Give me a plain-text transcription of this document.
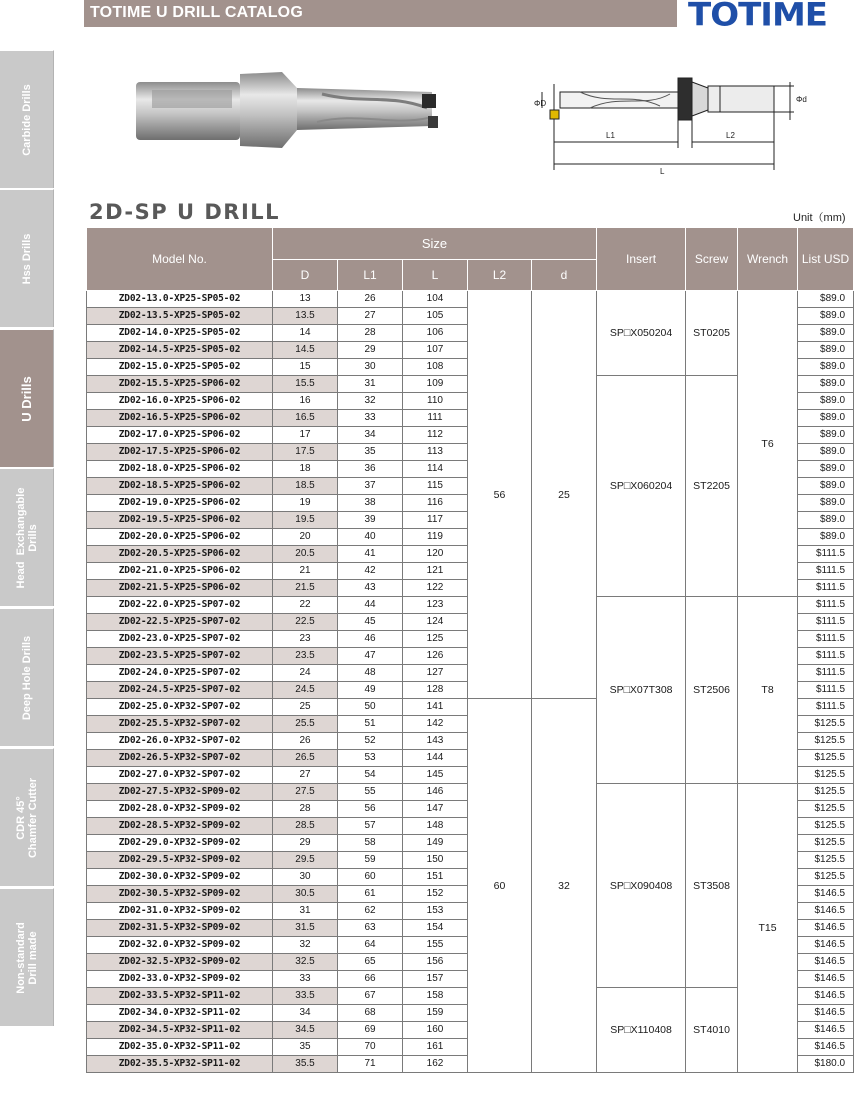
TOTIME U DRILL CATALOG	TOTIME
Carbide Drills
Hss Drills
U Drills
Head  Exchangable
Drills
Deep Hole Drills
CDR 45°
Chamfer Cutter
Non-standard
Drill made
ΦD
L1	L2
L
Φd
2D-SP U DRILL	Unit（mm)
Model No.	Size					Insert	Screw	Wrench	List USD
	D	L1	L	L2	d				
ZD02-13.0-XP25-SP05-02	13	26	104	56	25	SP□X050204	ST0205	T6	$89.0
ZD02-13.5-XP25-SP05-02	13.5	27	105						$89.0
ZD02-14.0-XP25-SP05-02	14	28	106						$89.0
ZD02-14.5-XP25-SP05-02	14.5	29	107						$89.0
ZD02-15.0-XP25-SP05-02	15	30	108						$89.0
ZD02-15.5-XP25-SP06-02	15.5	31	109			SP□X060204	ST2205		$89.0
ZD02-16.0-XP25-SP06-02	16	32	110						$89.0
ZD02-16.5-XP25-SP06-02	16.5	33	111						$89.0
ZD02-17.0-XP25-SP06-02	17	34	112						$89.0
ZD02-17.5-XP25-SP06-02	17.5	35	113						$89.0
ZD02-18.0-XP25-SP06-02	18	36	114						$89.0
ZD02-18.5-XP25-SP06-02	18.5	37	115						$89.0
ZD02-19.0-XP25-SP06-02	19	38	116						$89.0
ZD02-19.5-XP25-SP06-02	19.5	39	117						$89.0
ZD02-20.0-XP25-SP06-02	20	40	119						$89.0
ZD02-20.5-XP25-SP06-02	20.5	41	120						$111.5
ZD02-21.0-XP25-SP06-02	21	42	121						$111.5
ZD02-21.5-XP25-SP06-02	21.5	43	122						$111.5
ZD02-22.0-XP25-SP07-02	22	44	123			SP□X07T308	ST2506	T8	$111.5
ZD02-22.5-XP25-SP07-02	22.5	45	124						$111.5
ZD02-23.0-XP25-SP07-02	23	46	125						$111.5
ZD02-23.5-XP25-SP07-02	23.5	47	126						$111.5
ZD02-24.0-XP25-SP07-02	24	48	127						$111.5
ZD02-24.5-XP25-SP07-02	24.5	49	128						$111.5
ZD02-25.0-XP32-SP07-02	25	50	141	60	32				$111.5
ZD02-25.5-XP32-SP07-02	25.5	51	142						$125.5
ZD02-26.0-XP32-SP07-02	26	52	143						$125.5
ZD02-26.5-XP32-SP07-02	26.5	53	144						$125.5
ZD02-27.0-XP32-SP07-02	27	54	145						$125.5
ZD02-27.5-XP32-SP09-02	27.5	55	146			SP□X090408	ST3508	T15	$125.5
ZD02-28.0-XP32-SP09-02	28	56	147						$125.5
ZD02-28.5-XP32-SP09-02	28.5	57	148						$125.5
ZD02-29.0-XP32-SP09-02	29	58	149						$125.5
ZD02-29.5-XP32-SP09-02	29.5	59	150						$125.5
ZD02-30.0-XP32-SP09-02	30	60	151						$125.5
ZD02-30.5-XP32-SP09-02	30.5	61	152						$146.5
ZD02-31.0-XP32-SP09-02	31	62	153						$146.5
ZD02-31.5-XP32-SP09-02	31.5	63	154						$146.5
ZD02-32.0-XP32-SP09-02	32	64	155						$146.5
ZD02-32.5-XP32-SP09-02	32.5	65	156						$146.5
ZD02-33.0-XP32-SP09-02	33	66	157						$146.5
ZD02-33.5-XP32-SP11-02	33.5	67	158			SP□X110408	ST4010		$146.5
ZD02-34.0-XP32-SP11-02	34	68	159						$146.5
ZD02-34.5-XP32-SP11-02	34.5	69	160						$146.5
ZD02-35.0-XP32-SP11-02	35	70	161						$146.5
ZD02-35.5-XP32-SP11-02	35.5	71	162						$180.0
